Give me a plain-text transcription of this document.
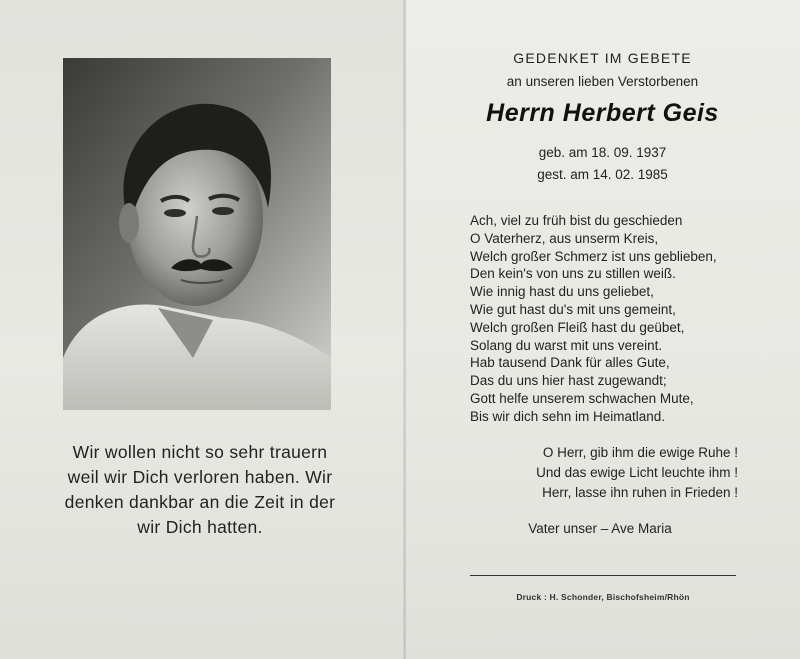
Wir wollen nicht so sehr trauern
weil wir Dich verloren haben. Wir
denken dankbar an die Zeit in der
wir Dich hatten.
GEDENKET IM GEBETE
an unseren lieben Verstorbenen
Herrn Herbert Geis
geb. am 18. 09. 1937
gest. am 14. 02. 1985
Ach, viel zu früh bist du geschieden
O Vaterherz, aus unserm Kreis,
Welch großer Schmerz ist uns geblieben,
Den kein's von uns zu stillen weiß.
Wie innig hast du uns geliebet,
Wie gut hast du's mit uns gemeint,
Welch großen Fleiß hast du geübet,
Solang du warst mit uns vereint.
Hab tausend Dank für alles Gute,
Das du uns hier hast zugewandt;
Gott helfe unserem schwachen Mute,
Bis wir dich sehn im Heimatland.
O Herr, gib ihm die ewige Ruhe !
Und das ewige Licht leuchte ihm !
Herr, lasse ihn ruhen in Frieden !
Vater unser – Ave Maria
Druck : H. Schonder, Bischofsheim/Rhön
